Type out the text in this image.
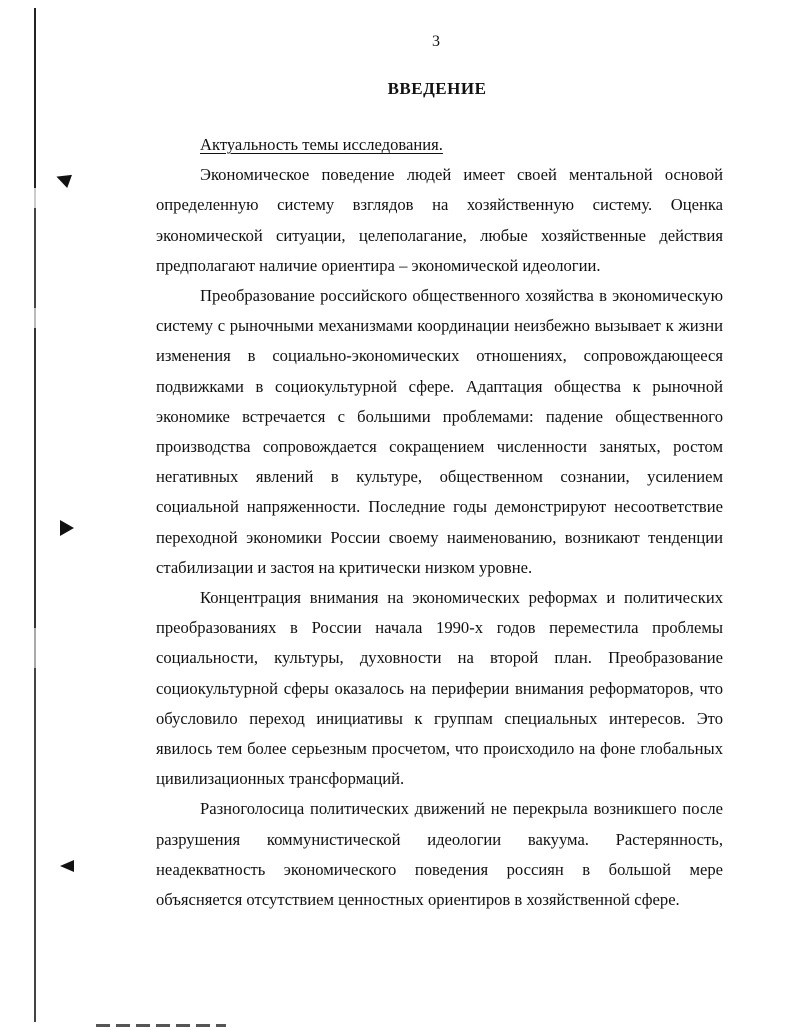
3
ВВЕДЕНИЕ

Актуальность темы исследования.

Экономическое поведение людей имеет своей ментальной основой определенную систему взглядов на хозяйственную систему. Оценка экономической ситуации, целеполагание, любые хозяйственные действия предполагают наличие ориентира – экономической идеологии.

Преобразование российского общественного хозяйства в экономическую систему с рыночными механизмами координации неизбежно вызывает к жизни изменения в социально-экономических отношениях, сопровождающееся подвижками в социокультурной сфере. Адаптация общества к рыночной экономике встречается с большими проблемами: падение общественного производства сопровождается сокращением численности занятых, ростом негативных явлений в культуре, общественном сознании, усилением социальной напряженности. Последние годы демонстрируют несоответствие переходной экономики России своему наименованию, возникают тенденции стабилизации и застоя на критически низком уровне.

Концентрация внимания на экономических реформах и политических преобразованиях в России начала 1990-х годов переместила проблемы социальности, культуры, духовности на второй план. Преобразование социокультурной сферы оказалось на периферии внимания реформаторов, что обусловило переход инициативы к группам специальных интересов. Это явилось тем более серьезным просчетом, что происходило на фоне глобальных цивилизационных трансформаций.

Разноголосица политических движений не перекрыла возникшего после разрушения коммунистической идеологии вакуума. Растерянность, неадекватность экономического поведения россиян в большой мере объясняется отсутствием ценностных ориентиров в хозяйственной сфере.
